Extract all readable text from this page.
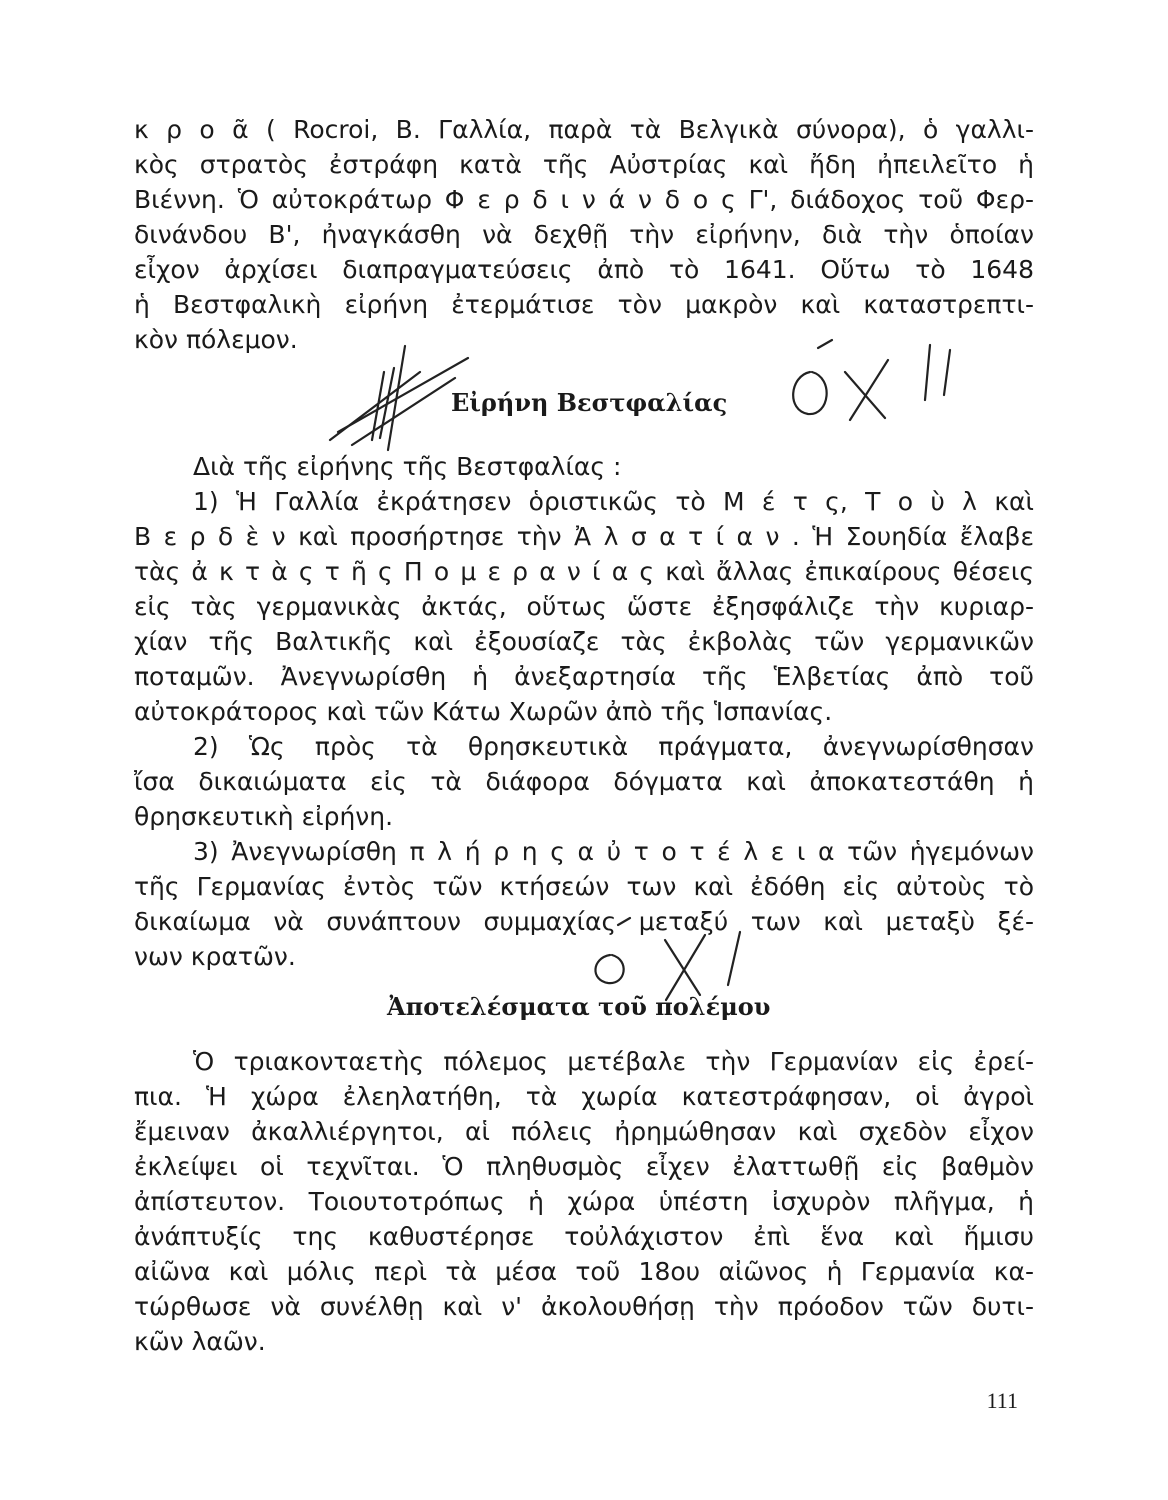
κ ρ ο ᾶ ( Rocroi, Β. Γαλλία, παρὰ τὰ Βελγικὰ σύνορα), ὁ γαλλι-
κὸς στρατὸς ἐστράφη κατὰ τῆς Αὐστρίας καὶ ἤδη ἠπειλεῖτο ἡ
Βιέννη. Ὁ αὐτοκράτωρ Φ ε ρ δ ι ν ά ν δ ο ς Γ', διάδοχος τοῦ Φερ-
δινάνδου Β', ἠναγκάσθη νὰ δεχθῇ τὴν εἰρήνην, διὰ τὴν ὁποίαν
εἶχον ἀρχίσει διαπραγματεύσεις ἀπὸ τὸ 1641. Οὕτω τὸ 1648
ἡ Βεστφαλικὴ εἰρήνη ἐτερμάτισε τὸν μακρὸν καὶ καταστρεπτι-
κὸν πόλεμον.
Εἰρήνη Βεστφαλίας
Διὰ τῆς εἰρήνης τῆς Βεστφαλίας :
1) Ἡ Γαλλία ἐκράτησεν ὁριστικῶς τὸ Μ έ τ ς, Τ ο ὺ λ καὶ
Β ε ρ δ ὲ ν καὶ προσήρτησε τὴν Ἀ λ σ α τ ί α ν . Ἡ Σουηδία ἔλαβε
τὰς ἀ κ τ ὰ ς τ ῆ ς Π ο μ ε ρ α ν ί α ς καὶ ἄλλας ἐπικαίρους θέσεις
εἰς τὰς γερμανικὰς ἀκτάς, οὕτως ὥστε ἐξησφάλιζε τὴν κυριαρ-
χίαν τῆς Βαλτικῆς καὶ ἐξουσίαζε τὰς ἐκβολὰς τῶν γερμανικῶν
ποταμῶν. Ἀνεγνωρίσθη ἡ ἀνεξαρτησία τῆς Ἑλβετίας ἀπὸ τοῦ
αὐτοκράτορος καὶ τῶν Κάτω Χωρῶν ἀπὸ τῆς Ἱσπανίας.
2) Ὡς πρὸς τὰ θρησκευτικὰ πράγματα, ἀνεγνωρίσθησαν
ἴσα δικαιώματα εἰς τὰ διάφορα δόγματα καὶ ἀποκατεστάθη ἡ
θρησκευτικὴ εἰρήνη.
3) Ἀνεγνωρίσθη π λ ή ρ η ς α ὐ τ ο τ έ λ ε ι α τῶν ἡγεμόνων
τῆς Γερμανίας ἐντὸς τῶν κτήσεών των καὶ ἐδόθη εἰς αὐτοὺς τὸ
δικαίωμα νὰ συνάπτουν συμμαχίας μεταξύ των καὶ μεταξὺ ξέ-
νων κρατῶν.
Ἀποτελέσματα τοῦ πολέμου
Ὁ τριακονταετὴς πόλεμος μετέβαλε τὴν Γερμανίαν εἰς ἐρεί-
πια. Ἡ χώρα ἐλεηλατήθη, τὰ χωρία κατεστράφησαν, οἱ ἀγροὶ
ἔμειναν ἀκαλλιέργητοι, αἱ πόλεις ἠρημώθησαν καὶ σχεδὸν εἶχον
ἐκλείψει οἱ τεχνῖται. Ὁ πληθυσμὸς εἶχεν ἐλαττωθῇ εἰς βαθμὸν
ἀπίστευτον. Τοιουτοτρόπως ἡ χώρα ὑπέστη ἰσχυρὸν πλῆγμα, ἡ
ἀνάπτυξίς της καθυστέρησε τοὐλάχιστον ἐπὶ ἕνα καὶ ἥμισυ
αἰῶνα καὶ μόλις περὶ τὰ μέσα τοῦ 18ου αἰῶνος ἡ Γερμανία κα-
τώρθωσε νὰ συνέλθῃ καὶ ν' ἀκολουθήσῃ τὴν πρόοδον τῶν δυτι-
κῶν λαῶν.
111
